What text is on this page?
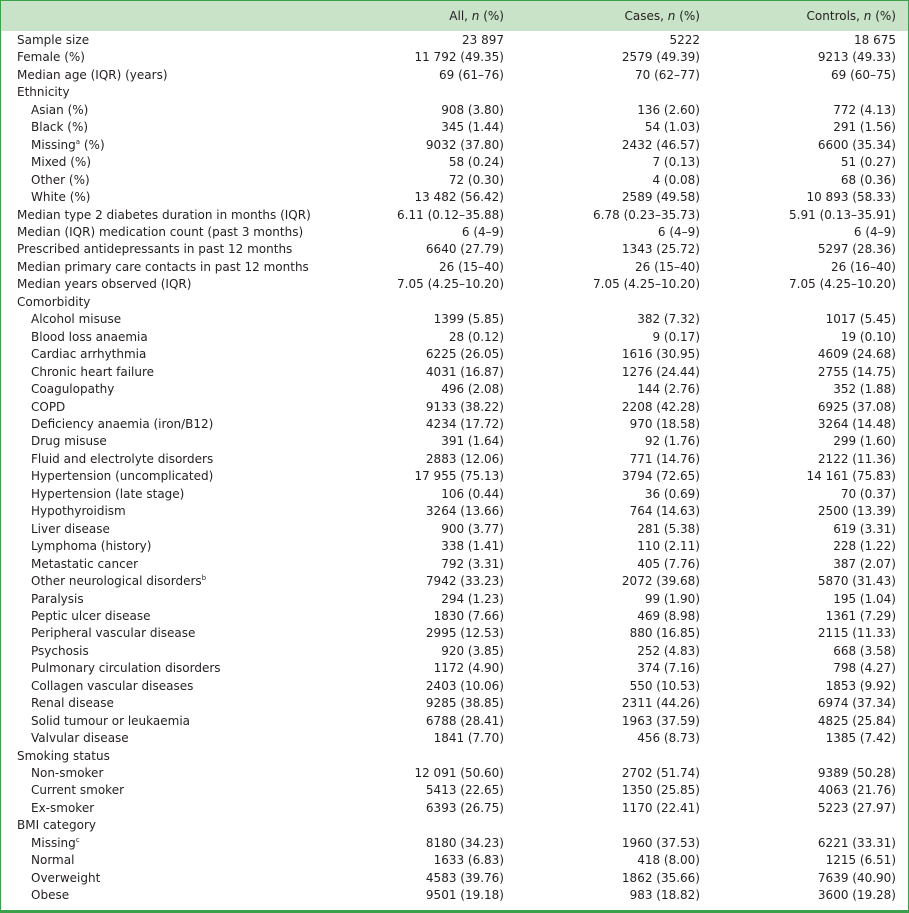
All, n (%)	Cases, n (%)	Controls, n (%)
Sample size	23 897	5222	18 675
Female (%)	11 792 (49.35)	2579 (49.39)	9213 (49.33)
Median age (IQR) (years)	69 (61–76)	70 (62–77)	69 (60–75)
Ethnicity			
Asian (%)	908 (3.80)	136 (2.60)	772 (4.13)
Black (%)	345 (1.44)	54 (1.03)	291 (1.56)
Missing$^a$ (%)	9032 (37.80)	2432 (46.57)	6600 (35.34)
Mixed (%)	58 (0.24)	7 (0.13)	51 (0.27)
Other (%)	72 (0.30)	4 (0.08)	68 (0.36)
White (%)	13 482 (56.42)	2589 (49.58)	10 893 (58.33)
Median type 2 diabetes duration in months (IQR)	6.11 (0.12–35.88)	6.78 (0.23–35.73)	5.91 (0.13–35.91)
Median (IQR) medication count (past 3 months)	6 (4–9)	6 (4–9)	6 (4–9)
Prescribed antidepressants in past 12 months	6640 (27.79)	1343 (25.72)	5297 (28.36)
Median primary care contacts in past 12 months	26 (15–40)	26 (15–40)	26 (16–40)
Median years observed (IQR)	7.05 (4.25–10.20)	7.05 (4.25–10.20)	7.05 (4.25–10.20)
Comorbidity			
Alcohol misuse	1399 (5.85)	382 (7.32)	1017 (5.45)
Blood loss anaemia	28 (0.12)	9 (0.17)	19 (0.10)
Cardiac arrhythmia	6225 (26.05)	1616 (30.95)	4609 (24.68)
Chronic heart failure	4031 (16.87)	1276 (24.44)	2755 (14.75)
Coagulopathy	496 (2.08)	144 (2.76)	352 (1.88)
COPD	9133 (38.22)	2208 (42.28)	6925 (37.08)
Deficiency anaemia (iron/B12)	4234 (17.72)	970 (18.58)	3264 (14.48)
Drug misuse	391 (1.64)	92 (1.76)	299 (1.60)
Fluid and electrolyte disorders	2883 (12.06)	771 (14.76)	2122 (11.36)
Hypertension (uncomplicated)	17 955 (75.13)	3794 (72.65)	14 161 (75.83)
Hypertension (late stage)	106 (0.44)	36 (0.69)	70 (0.37)
Hypothyroidism	3264 (13.66)	764 (14.63)	2500 (13.39)
Liver disease	900 (3.77)	281 (5.38)	619 (3.31)
Lymphoma (history)	338 (1.41)	110 (2.11)	228 (1.22)
Metastatic cancer	792 (3.31)	405 (7.76)	387 (2.07)
Other neurological disorders$^b$	7942 (33.23)	2072 (39.68)	5870 (31.43)
Paralysis	294 (1.23)	99 (1.90)	195 (1.04)
Peptic ulcer disease	1830 (7.66)	469 (8.98)	1361 (7.29)
Peripheral vascular disease	2995 (12.53)	880 (16.85)	2115 (11.33)
Psychosis	920 (3.85)	252 (4.83)	668 (3.58)
Pulmonary circulation disorders	1172 (4.90)	374 (7.16)	798 (4.27)
Collagen vascular diseases	2403 (10.06)	550 (10.53)	1853 (9.92)
Renal disease	9285 (38.85)	2311 (44.26)	6974 (37.34)
Solid tumour or leukaemia	6788 (28.41)	1963 (37.59)	4825 (25.84)
Valvular disease	1841 (7.70)	456 (8.73)	1385 (7.42)
Smoking status			
Non-smoker	12 091 (50.60)	2702 (51.74)	9389 (50.28)
Current smoker	5413 (22.65)	1350 (25.85)	4063 (21.76)
Ex-smoker	6393 (26.75)	1170 (22.41)	5223 (27.97)
BMI category			
Missing$^c$	8180 (34.23)	1960 (37.53)	6221 (33.31)
Normal	1633 (6.83)	418 (8.00)	1215 (6.51)
Overweight	4583 (39.76)	1862 (35.66)	7639 (40.90)
Obese	9501 (19.18)	983 (18.82)	3600 (19.28)
